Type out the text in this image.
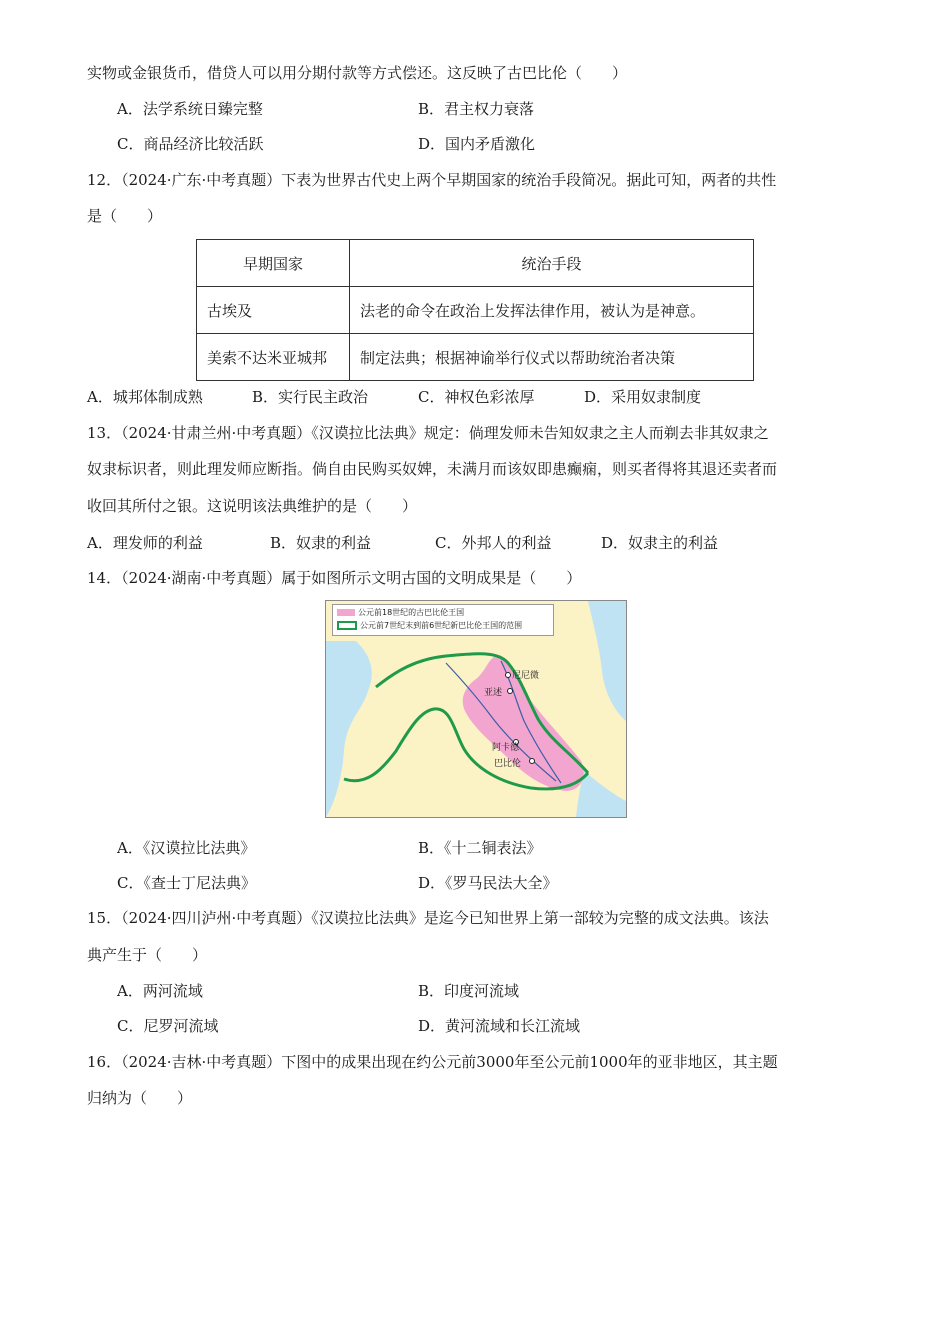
实物或金银货币，借贷人可以用分期付款等方式偿还。这反映了古巴比伦（　　）
A．法学系统日臻完整	B．君主权力衰落
C．商品经济比较活跃	D．国内矛盾激化
12．（2024·广东·中考真题）下表为世界古代史上两个早期国家的统治手段简况。据此可知，两者的共性
是（　　）
早期国家	统治手段
古埃及	法老的命令在政治上发挥法律作用，被认为是神意。
美索不达米亚城邦	制定法典；根据神谕举行仪式以帮助统治者决策
A．城邦体制成熟	B．实行民主政治	C．神权色彩浓厚	D．采用奴隶制度
13．（2024·甘肃兰州·中考真题）《汉谟拉比法典》规定：倘理发师未告知奴隶之主人而剃去非其奴隶之
奴隶标识者，则此理发师应断指。倘自由民购买奴婢，未满月而该奴即患癫痫，则买者得将其退还卖者而
收回其所付之银。这说明该法典维护的是（　　）
A．理发师的利益	B．奴隶的利益	C．外邦人的利益	D．奴隶主的利益
14．（2024·湖南·中考真题）属于如图所示文明古国的文明成果是（　　）
尼尼微
亚述
阿卡德
巴比伦
公元前18世纪的古巴比伦王国
公元前7世纪末到前6世纪新巴比伦王国的范围
A．《汉谟拉比法典》	B．《十二铜表法》
C．《查士丁尼法典》	D．《罗马民法大全》
15．（2024·四川泸州·中考真题）《汉谟拉比法典》是迄今已知世界上第一部较为完整的成文法典。该法
典产生于（　　）
A．两河流域	B．印度河流域
C．尼罗河流域	D．黄河流域和长江流域
16．（2024·吉林·中考真题）下图中的成果出现在约公元前3000年至公元前1000年的亚非地区，其主题
归纳为（　　）
